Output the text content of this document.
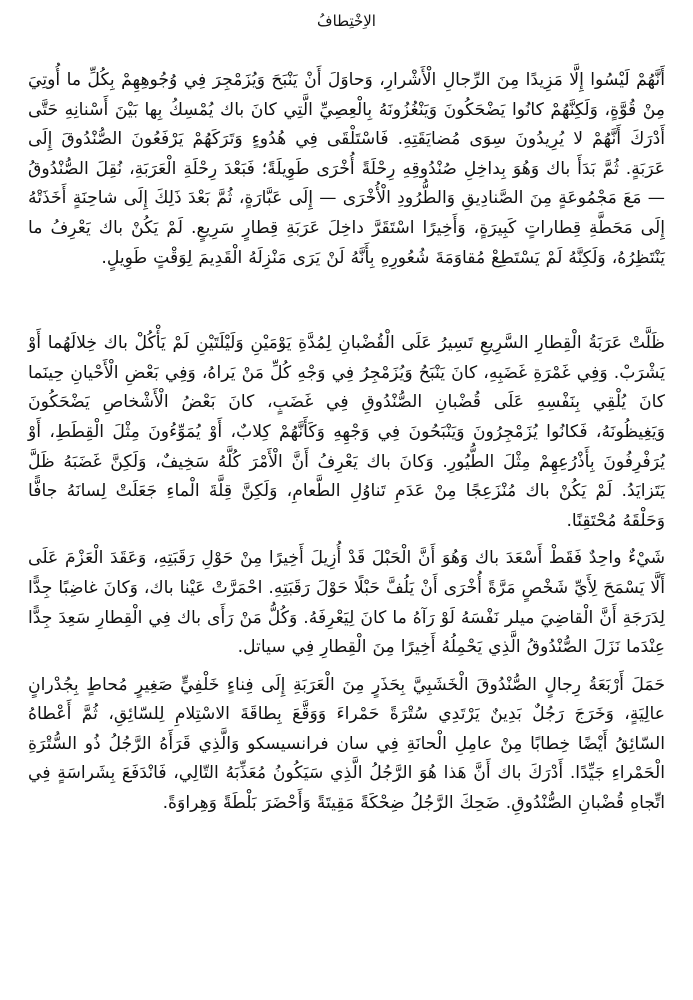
الاِخْتِطافُ

أَنَّهُمْ لَيْسُوا إِلَّا مَزِيدًا مِنَ الرِّجالِ الْأَشْرارِ، وَحاوَلَ أَنْ يَنْبَحَ وَيُزَمْجِرَ فِي وُجُوهِهِمْ بِكُلِّ ما أُوتِيَ مِنْ قُوَّةٍ، وَلَكِنَّهُمْ كانُوا يَضْحَكُونَ وَيَنْغُزُونَهُ بِالْعِصِيِّ الَّتِي كانَ باك يُمْسِكُ بِها بَيْنَ أَسْنانِهِ حَتَّى أَدْرَكَ أَنَّهُمْ لا يُرِيدُونَ سِوَى مُضايَقَتِهِ. فَاسْتَلْقَى فِي هُدُوءٍ وَتَرَكَهُمْ يَرْفَعُونَ الصُّنْدُوقَ إِلَى عَرَبَةٍ. ثُمَّ بَدَأَ باك وَهُوَ بِداخِلِ صُنْدُوقِهِ رِحْلَةً أُخْرَى طَوِيلَةً؛ فَبَعْدَ رِحْلَةِ الْعَرَبَةِ، نُقِلَ الصُّنْدُوقُ — مَعَ مَجْمُوعَةٍ مِنَ الصَّنادِيقِ وَالطُّرُودِ الْأُخْرَى — إِلَى عَبَّارَةٍ، ثُمَّ بَعْدَ ذَلِكَ إِلَى شاحِنَةٍ أَخَذَتْهُ إِلَى مَحَطَّةِ قِطاراتٍ كَبِيرَةٍ، وَأَخِيرًا اسْتَقَرَّ داخِلَ عَرَبَةِ قِطارٍ سَرِيعٍ. لَمْ يَكُنْ باك يَعْرِفُ ما يَنْتَظِرُهُ، وَلَكِنَّهُ لَمْ يَسْتَطِعْ مُقاوَمَةَ شُعُورِهِ بِأَنَّهُ لَنْ يَرَى مَنْزِلَهُ الْقَدِيمَ لِوَقْتٍ طَوِيلٍ.

ظَلَّتْ عَرَبَةُ الْقِطارِ السَّرِيعِ تَسِيرُ عَلَى الْقُضْبانِ لِمُدَّةِ يَوْمَيْنِ وَلَيْلَتَيْنِ لَمْ يَأْكُلْ باك خِلالَهُما أَوْ يَشْرَبْ. وَفِي غَمْرَةِ غَضَبِهِ، كانَ يَنْبَحُ وَيُزَمْجِرُ فِي وَجْهِ كُلِّ مَنْ يَراهُ، وَفِي بَعْضِ الْأَحْيانِ حِينَما كانَ يُلْقِي بِنَفْسِهِ عَلَى قُضْبانِ الصُّنْدُوقِ فِي غَضَبٍ، كانَ بَعْضُ الْأَشْخاصِ يَضْحَكُونَ وَيَغِيظُونَهُ، فَكانُوا يُزَمْجِرُونَ وَيَنْبَحُونَ فِي وَجْهِهِ وَكَأَنَّهُمْ كِلابٌ، أَوْ يُمَوِّءُونَ مِثْلَ الْقِطَطِ، أَوْ يُرَفْرِفُونَ بِأَذْرُعِهِمْ مِثْلَ الطُّيُورِ. وَكانَ باك يَعْرِفُ أَنَّ الْأَمْرَ كُلَّهُ سَخِيفٌ، وَلَكِنَّ غَضَبَهُ ظَلَّ يَتَزايَدُ. لَمْ يَكُنْ باك مُنْزَعِجًا مِنْ عَدَمِ تَناوُلِ الطَّعامِ، وَلَكِنَّ قِلَّةَ الْماءِ جَعَلَتْ لِسانَهُ جافًّا وَحَلْقَهُ مُحْتَقِنًا.

شَيْءٌ واحِدٌ فَقَطْ أَسْعَدَ باك وَهُوَ أَنَّ الْحَبْلَ قَدْ أُزِيلَ أَخِيرًا مِنْ حَوْلِ رَقَبَتِهِ، وَعَقَدَ الْعَزْمَ عَلَى أَلَّا يَسْمَحَ لِأَيِّ شَخْصٍ مَرَّةً أُخْرَى أَنْ يَلُفَّ حَبْلًا حَوْلَ رَقَبَتِهِ. احْمَرَّتْ عَيْنا باك، وَكانَ غاضِبًا جِدًّا لِدَرَجَةِ أَنَّ الْقاضِيَ ميلر نَفْسَهُ لَوْ رَآهُ ما كانَ لِيَعْرِفَهُ. وَكُلُّ مَنْ رَأَى باك فِي الْقِطارِ سَعِدَ جِدًّا عِنْدَما نَزَلَ الصُّنْدُوقُ الَّذِي يَحْمِلُهُ أَخِيرًا مِنَ الْقِطارِ فِي سياتل.

حَمَلَ أَرْبَعَةُ رِجالٍ الصُّنْدُوقَ الْخَشَبِيَّ بِحَذَرٍ مِنَ الْعَرَبَةِ إِلَى فِناءٍ خَلْفِيٍّ صَغِيرٍ مُحاطٍ بِجُدْرانٍ عالِيَةٍ، وَخَرَجَ رَجُلٌ بَدِينٌ يَرْتَدِي سُتْرَةً حَمْراءَ وَوَقَّعَ بِطاقَةَ الاسْتِلامِ لِلسّائِقِ، ثُمَّ أَعْطاهُ السّائِقُ أَيْضًا خِطابًا مِنْ عامِلِ الْحانَةِ فِي سان فرانسيسكو وَالَّذِي قَرَأَهُ الرَّجُلُ ذُو السُّتْرَةِ الْحَمْراءِ جَيِّدًا. أَدْرَكَ باك أَنَّ هَذا هُوَ الرَّجُلُ الَّذِي سَيَكُونُ مُعَذِّبَهُ التّالِي، فَانْدَفَعَ بِشَراسَةٍ فِي اتِّجاهِ قُضْبانِ الصُّنْدُوقِ. ضَحِكَ الرَّجُلُ ضِحْكَةً مَقِيتَةً وَأَحْضَرَ بَلْطَةً وَهِراوَةً.
